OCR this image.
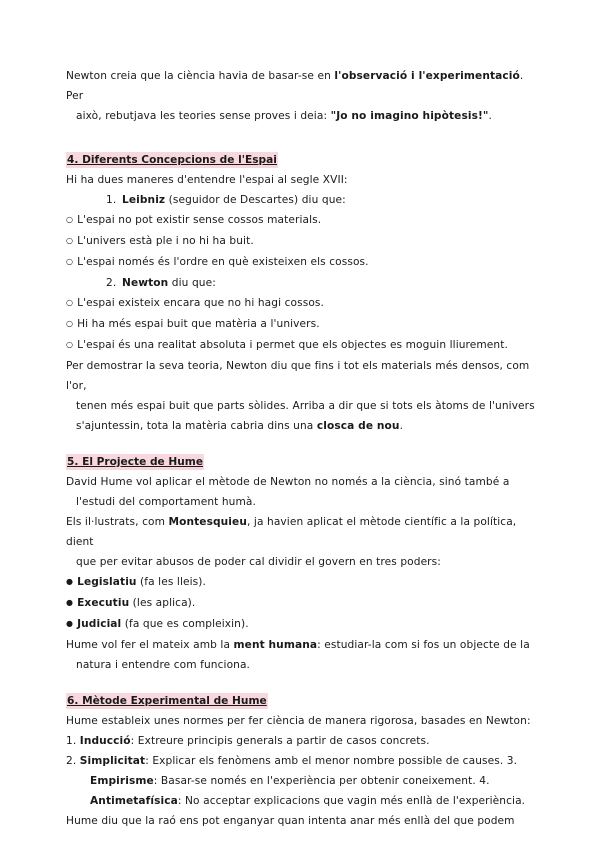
Newton creia que la ciència havia de basar-se en l'observació i l'experimentació. Per

això, rebutjava les teories sense proves i deia: "Jo no imagino hipòtesis!".

4. Diferents Concepcions de l'Espai

Hi ha dues maneres d'entendre l'espai al segle XVII:

1. Leibniz (seguidor de Descartes) diu que:

○ L'espai no pot existir sense cossos materials.

○ L'univers està ple i no hi ha buit.

○ L'espai només és l'ordre en què existeixen els cossos.

2. Newton diu que:

○ L'espai existeix encara que no hi hagi cossos.

○ Hi ha més espai buit que matèria a l'univers.

○ L'espai és una realitat absoluta i permet que els objectes es moguin lliurement.

Per demostrar la seva teoria, Newton diu que fins i tot els materials més densos, com l'or,

tenen més espai buit que parts sòlides. Arriba a dir que si tots els àtoms de l'univers

s'ajuntessin, tota la matèria cabria dins una closca de nou.

5. El Projecte de Hume

David Hume vol aplicar el mètode de Newton no només a la ciència, sinó també a

l'estudi del comportament humà.

Els il·lustrats, com Montesquieu, ja havien aplicat el mètode científic a la política, dient

que per evitar abusos de poder cal dividir el govern en tres poders:

● Legislatiu (fa les lleis).

● Executiu (les aplica).

● Judicial (fa que es compleixin).

Hume vol fer el mateix amb la ment humana: estudiar-la com si fos un objecte de la

natura i entendre com funciona.

6. Mètode Experimental de Hume

Hume estableix unes normes per fer ciència de manera rigorosa, basades en Newton:

1. Inducció: Extreure principis generals a partir de casos concrets.

2. Simplicitat: Explicar els fenòmens amb el menor nombre possible de causes. 3.

Empirisme: Basar-se només en l'experiència per obtenir coneixement. 4.

Antimetafísica: No acceptar explicacions que vagin més enllà de l'experiència.

Hume diu que la raó ens pot enganyar quan intenta anar més enllà del que podem
